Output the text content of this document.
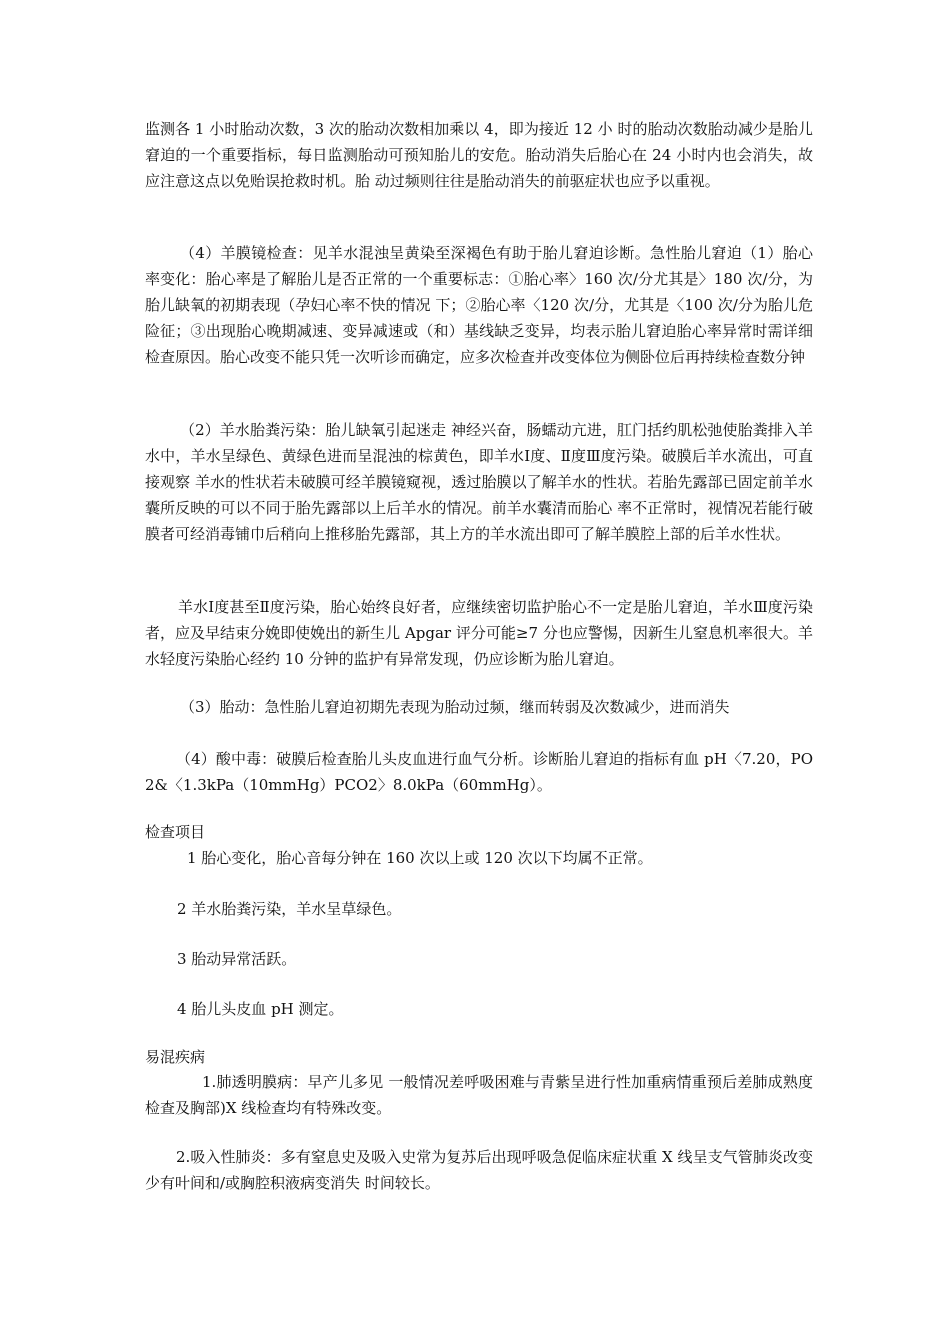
监测各 1 小时胎动次数，3 次的胎动次数相加乘以 4，即为接近 12 小 时的胎动次数胎动减少是胎儿窘迫的一个重要指标，每日监测胎动可预知胎儿的安危。胎动消失后胎心在 24 小时内也会消失，故应注意这点以免贻误抢救时机。胎 动过频则往往是胎动消失的前驱症状也应予以重视。

（4）羊膜镜检查：见羊水混浊呈黄染至深褐色有助于胎儿窘迫诊断。急性胎儿窘迫（1）胎心率变化：胎心率是了解胎儿是否正常的一个重要标志：①胎心率〉160 次/分尤其是〉180 次/分，为胎儿缺氧的初期表现（孕妇心率不快的情况 下；②胎心率〈120 次/分，尤其是〈100 次/分为胎儿危险征；③出现胎心晚期减速、变异减速或（和）基线缺乏变异，均表示胎儿窘迫胎心率异常时需详细 检查原因。胎心改变不能只凭一次听诊而确定，应多次检查并改变体位为侧卧位后再持续检查数分钟

（2）羊水胎粪污染：胎儿缺氧引起迷走 神经兴奋，肠蠕动亢进，肛门括约肌松弛使胎粪排入羊水中，羊水呈绿色、黄绿色进而呈混浊的棕黄色，即羊水Ⅰ度、Ⅱ度Ⅲ度污染。破膜后羊水流出，可直接观察 羊水的性状若未破膜可经羊膜镜窥视，透过胎膜以了解羊水的性状。若胎先露部已固定前羊水囊所反映的可以不同于胎先露部以上后羊水的情况。前羊水囊清而胎心 率不正常时，视情况若能行破膜者可经消毒铺巾后稍向上推移胎先露部，其上方的羊水流出即可了解羊膜腔上部的后羊水性状。

羊水Ⅰ度甚至Ⅱ度污染，胎心始终良好者，应继续密切监护胎心不一定是胎儿窘迫，羊水Ⅲ度污染者，应及早结束分娩即使娩出的新生儿 Apgar 评分可能≥7 分也应警惕，因新生儿窒息机率很大。羊水轻度污染胎心经约 10 分钟的监护有异常发现，仍应诊断为胎儿窘迫。

（3）胎动：急性胎儿窘迫初期先表现为胎动过频，继而转弱及次数减少，进而消失

（4）酸中毒：破膜后检查胎儿头皮血进行血气分析。诊断胎儿窘迫的指标有血 pH〈7.20，PO2&〈1.3kPa（10mmHg）PCO2〉8.0kPa（60mmHg）。

检查项目

1 胎心变化，胎心音每分钟在 160 次以上或 120 次以下均属不正常。

2 羊水胎粪污染，羊水呈草绿色。

3 胎动异常活跃。

4 胎儿头皮血 pH 测定。

易混疾病

1.肺透明膜病：早产儿多见 一般情况差呼吸困难与青紫呈进行性加重病情重预后差肺成熟度检查及胸部)X 线检查均有特殊改变。

2.吸入性肺炎：多有窒息史及吸入史常为复苏后出现呼吸急促临床症状重 X 线呈支气管肺炎改变少有叶间和/或胸腔积液病变消失 时间较长。
